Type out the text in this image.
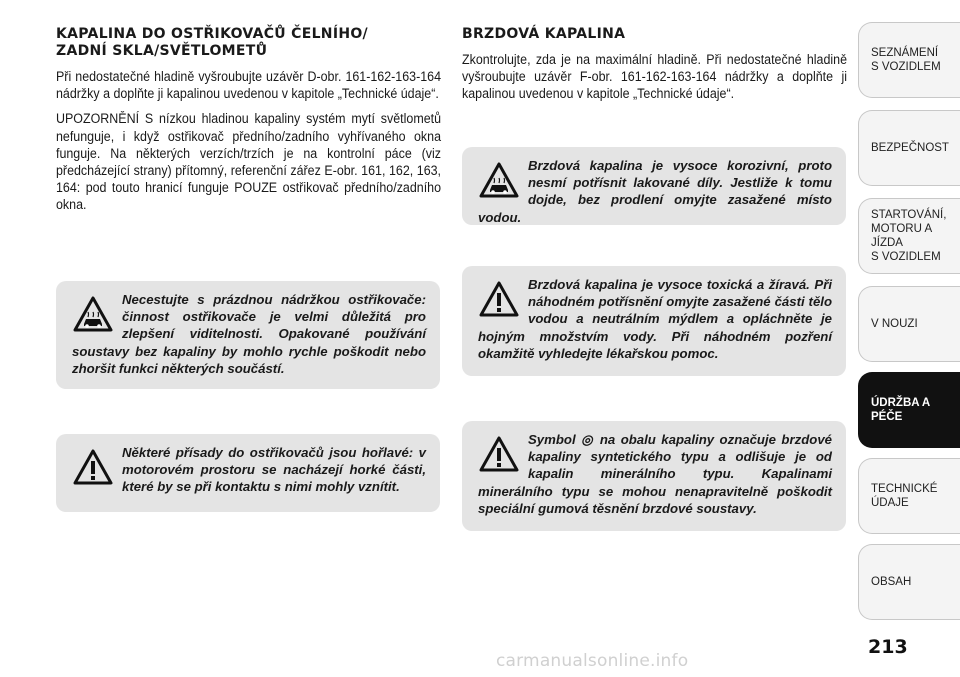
KAPALINA DO OSTŘIKOVAČŮ ČELNÍHO/
ZADNÍ SKLA/SVĚTLOMETŮ

Při nedostatečné hladině vyšroubujte uzávěr D-obr. 161-162-163-164 nádržky a doplňte ji kapalinou uvedenou v kapitole „Technické údaje“.

UPOZORNĚNÍ S nízkou hladinou kapaliny systém mytí světlometů nefunguje, i když ostřikovač předního/zadního vyhřívaného okna funguje. Na některých verzích/trzích je na kontrolní páce (viz předcházející strany) přítomný, referenční zářez E-obr. 161, 162, 163, 164: pod touto hranicí funguje POUZE ostřikovač předního/zadního okna.

Necestujte s prázdnou nádržkou ostřikovače: činnost ostřikovače je velmi důležitá pro zlepšení viditelnosti. Opakované používání soustavy bez kapaliny by mohlo rychle poškodit nebo zhoršit funkci některých součástí.
Některé přísady do ostřikovačů jsou hořlavé: v motorovém prostoru se nacházejí horké části, které by se při kontaktu s nimi mohly vznítit.
BRZDOVÁ KAPALINA

Zkontrolujte, zda je na maximální hladině. Při nedostatečné hladině vyšroubujte uzávěr F-obr. 161-162-163-164 nádržky a doplňte ji kapalinou uvedenou v kapitole „Technické údaje“.

Brzdová kapalina je vysoce korozivní, proto nesmí potřísnit lakované díly. Jestliže k tomu dojde, bez prodlení omyjte zasažené místo vodou.
Brzdová kapalina je vysoce toxická a žíravá. Při náhodném potřísnění omyjte zasažené části tělo vodou a neutrálním mýdlem a opláchněte je hojným množstvím vody. Při náhodném pozření okamžitě vyhledejte lékařskou pomoc.
Symbol ◎ na obalu kapaliny označuje brzdové kapaliny syntetického typu a odlišuje je od kapalin minerálního typu. Kapalinami minerálního typu se mohou nenapravitelně poškodit speciální gumová těsnění brzdové soustavy.
SEZNÁMENÍ
S VOZIDLEM
BEZPEČNOST
STARTOVÁNÍ,
MOTORU A JÍZDA
S VOZIDLEM
V NOUZI
ÚDRŽBA A PÉČE
TECHNICKÉ
ÚDAJE
OBSAH
213
carmanualsonline.info
